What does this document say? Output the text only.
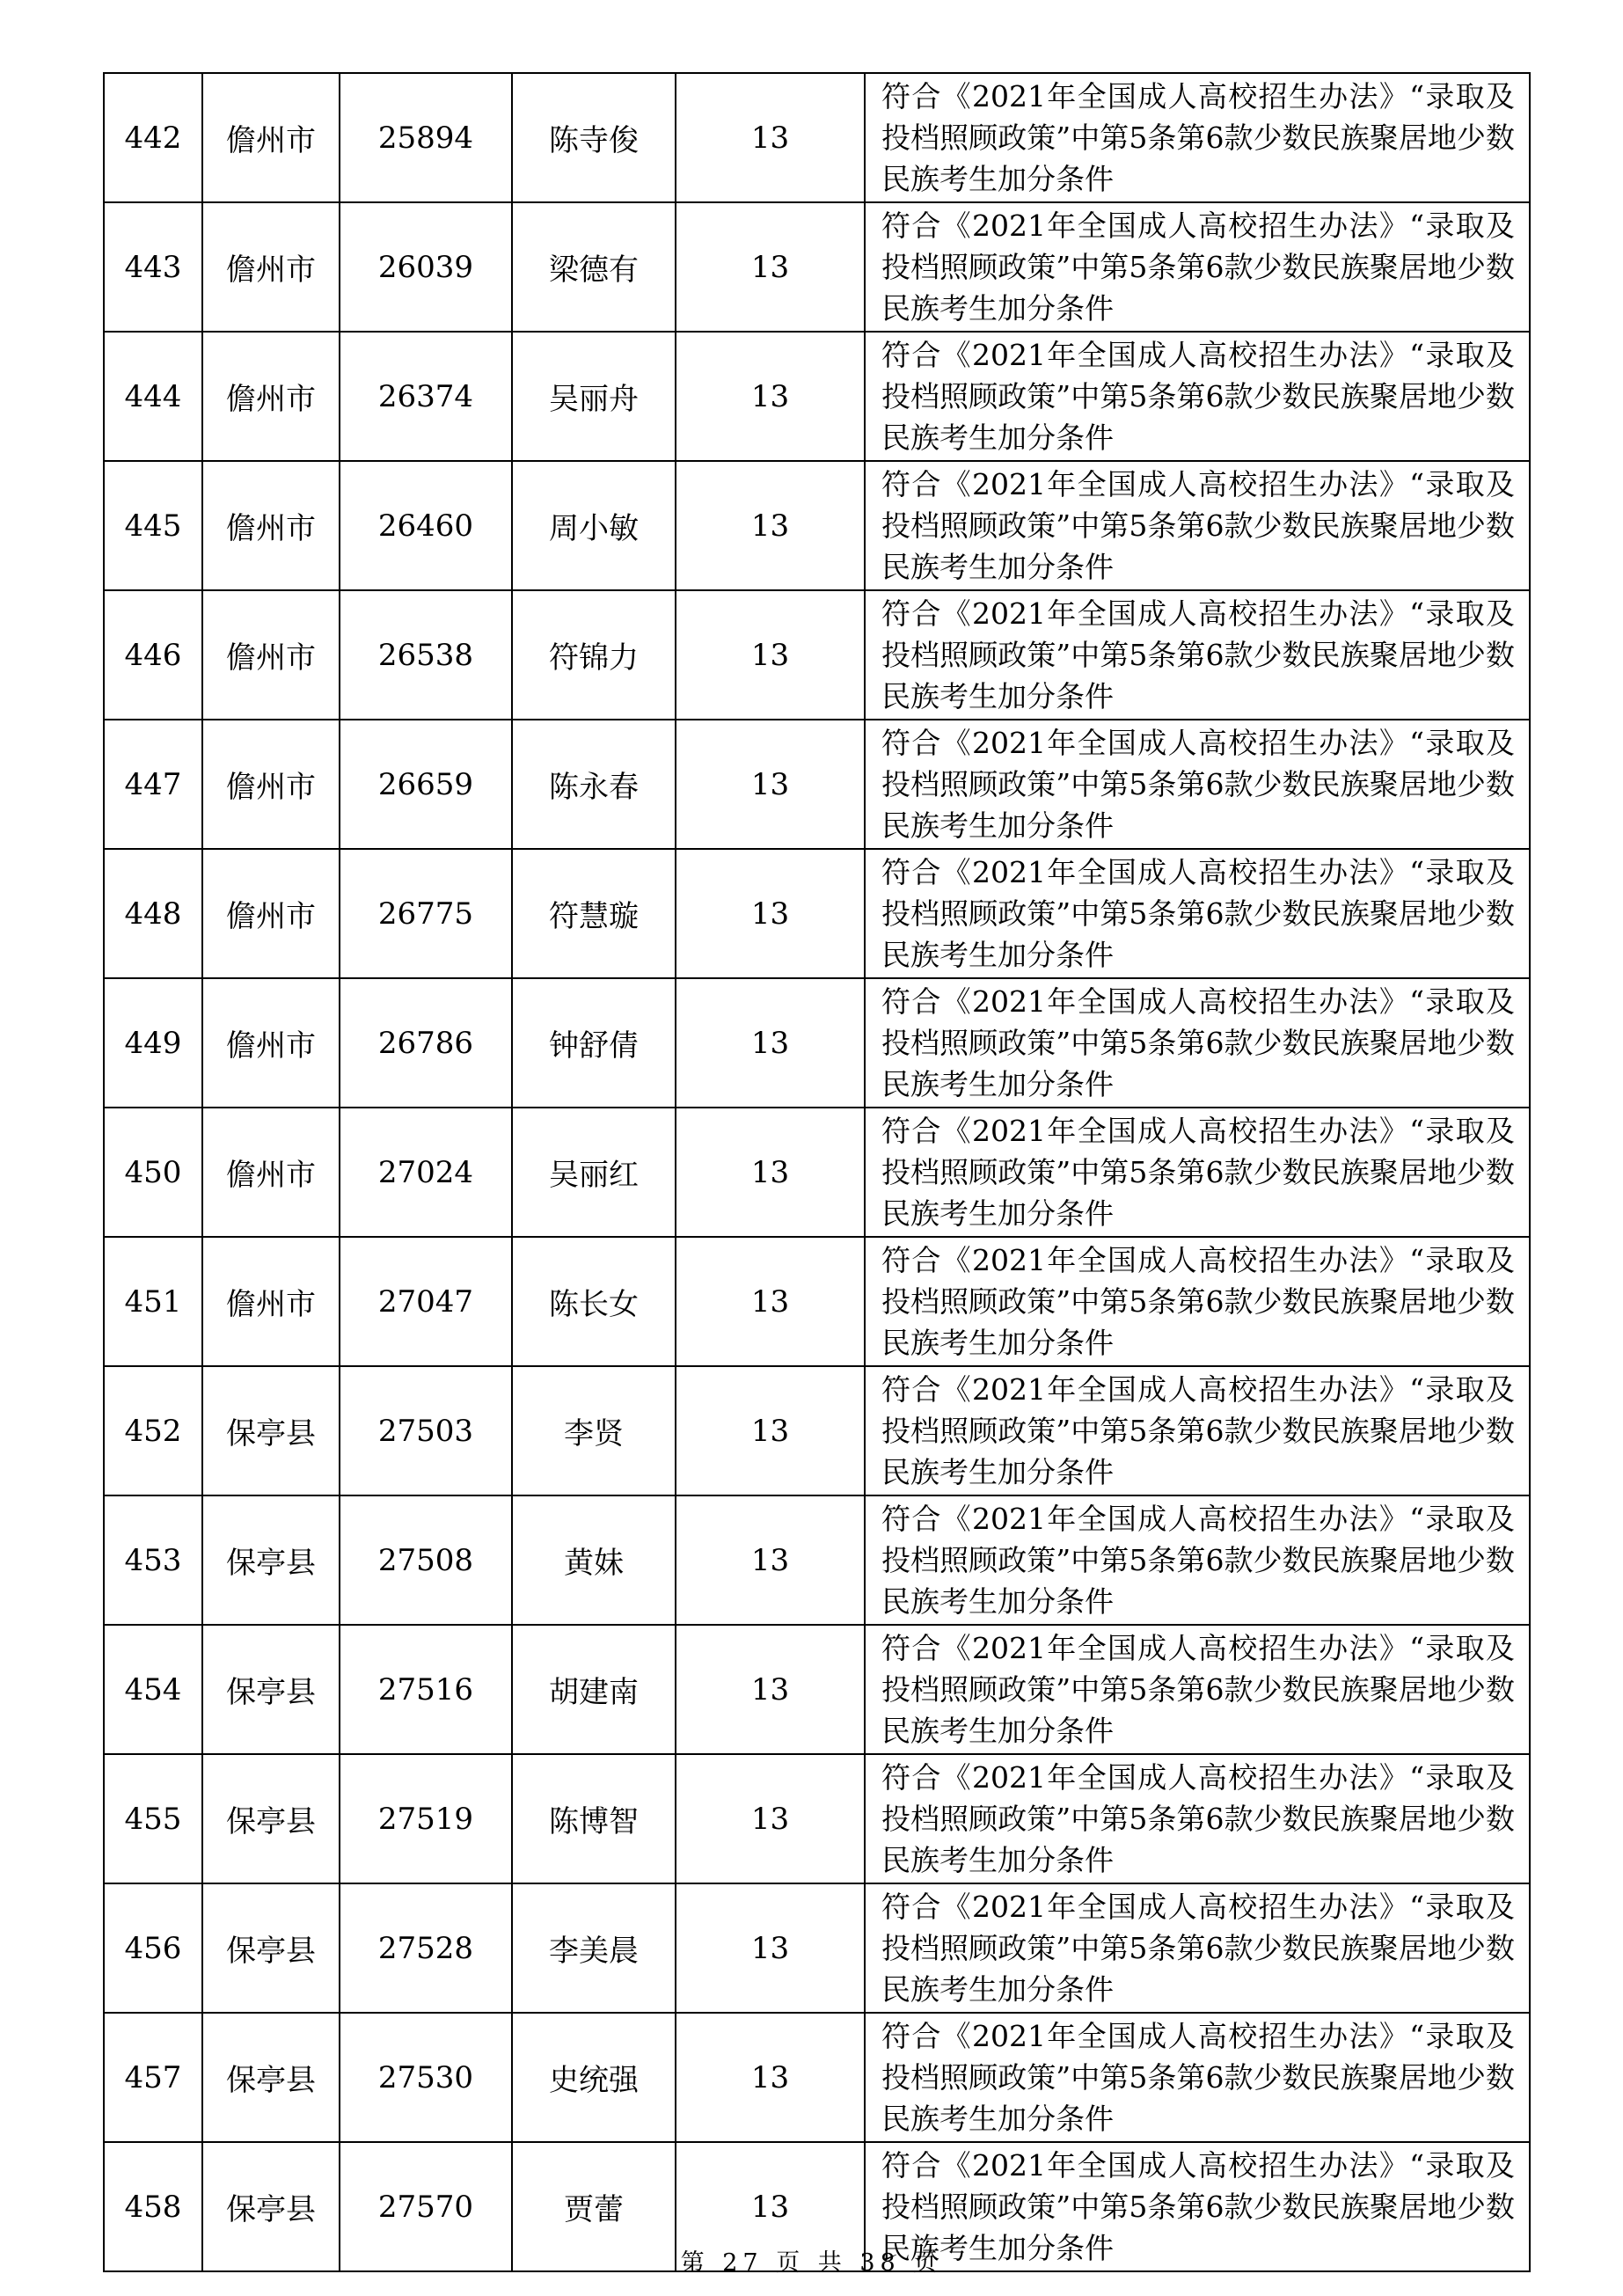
442	儋州市	25894	陈寺俊	13	符合《2021年全国成人高校招生办法》“录取及投档照顾政策”中第5条第6款少数民族聚居地少数民族考生加分条件
443	儋州市	26039	梁德有	13	符合《2021年全国成人高校招生办法》“录取及投档照顾政策”中第5条第6款少数民族聚居地少数民族考生加分条件
444	儋州市	26374	吴丽舟	13	符合《2021年全国成人高校招生办法》“录取及投档照顾政策”中第5条第6款少数民族聚居地少数民族考生加分条件
445	儋州市	26460	周小敏	13	符合《2021年全国成人高校招生办法》“录取及投档照顾政策”中第5条第6款少数民族聚居地少数民族考生加分条件
446	儋州市	26538	符锦力	13	符合《2021年全国成人高校招生办法》“录取及投档照顾政策”中第5条第6款少数民族聚居地少数民族考生加分条件
447	儋州市	26659	陈永春	13	符合《2021年全国成人高校招生办法》“录取及投档照顾政策”中第5条第6款少数民族聚居地少数民族考生加分条件
448	儋州市	26775	符慧璇	13	符合《2021年全国成人高校招生办法》“录取及投档照顾政策”中第5条第6款少数民族聚居地少数民族考生加分条件
449	儋州市	26786	钟舒倩	13	符合《2021年全国成人高校招生办法》“录取及投档照顾政策”中第5条第6款少数民族聚居地少数民族考生加分条件
450	儋州市	27024	吴丽红	13	符合《2021年全国成人高校招生办法》“录取及投档照顾政策”中第5条第6款少数民族聚居地少数民族考生加分条件
451	儋州市	27047	陈长女	13	符合《2021年全国成人高校招生办法》“录取及投档照顾政策”中第5条第6款少数民族聚居地少数民族考生加分条件
452	保亭县	27503	李贤	13	符合《2021年全国成人高校招生办法》“录取及投档照顾政策”中第5条第6款少数民族聚居地少数民族考生加分条件
453	保亭县	27508	黄妹	13	符合《2021年全国成人高校招生办法》“录取及投档照顾政策”中第5条第6款少数民族聚居地少数民族考生加分条件
454	保亭县	27516	胡建南	13	符合《2021年全国成人高校招生办法》“录取及投档照顾政策”中第5条第6款少数民族聚居地少数民族考生加分条件
455	保亭县	27519	陈博智	13	符合《2021年全国成人高校招生办法》“录取及投档照顾政策”中第5条第6款少数民族聚居地少数民族考生加分条件
456	保亭县	27528	李美晨	13	符合《2021年全国成人高校招生办法》“录取及投档照顾政策”中第5条第6款少数民族聚居地少数民族考生加分条件
457	保亭县	27530	史统强	13	符合《2021年全国成人高校招生办法》“录取及投档照顾政策”中第5条第6款少数民族聚居地少数民族考生加分条件
458	保亭县	27570	贾蕾	13	符合《2021年全国成人高校招生办法》“录取及投档照顾政策”中第5条第6款少数民族聚居地少数民族考生加分条件
第 27 页 共 38 页
